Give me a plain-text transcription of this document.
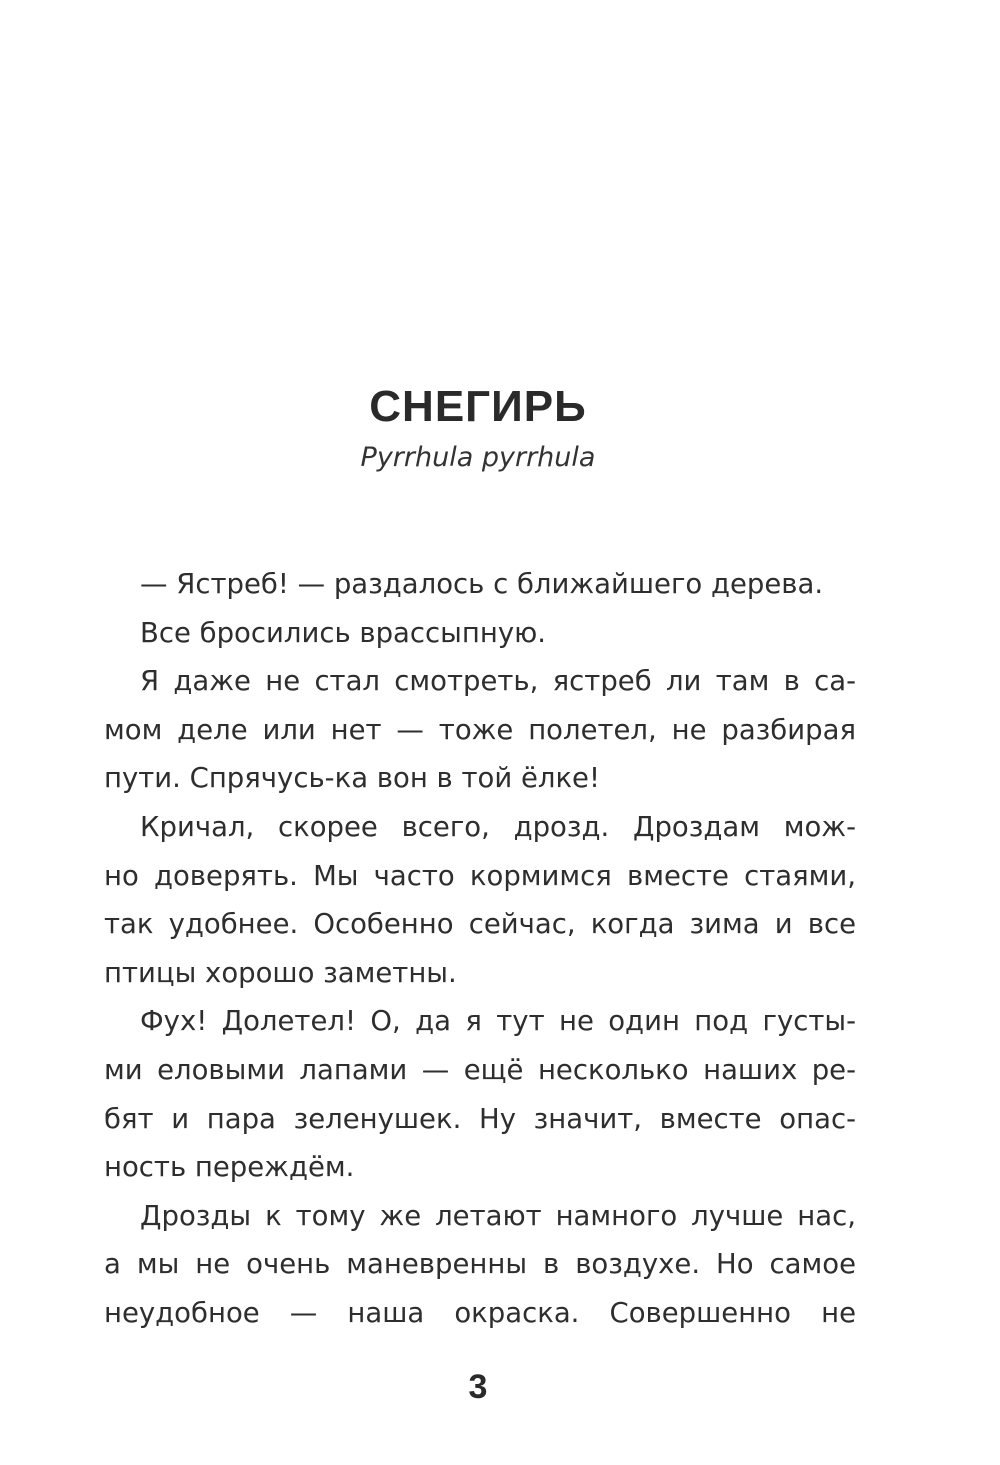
СНЕГИРЬ
Pyrrhula pyrrhula
— Ястреб! — раздалось с ближайшего дерева.
Все бросились врассыпную.
Я даже не стал смотреть, ястреб ли там в са-
мом деле или нет — тоже полетел, не разбирая
пути. Спрячусь-ка вон в той ёлке!
Кричал, скорее всего, дрозд. Дроздам мож-
но доверять. Мы часто кормимся вместе стаями,
так удобнее. Особенно сейчас, когда зима и все
птицы хорошо заметны.
Фух! Долетел! О, да я тут не один под густы-
ми еловыми лапами — ещё несколько наших ре-
бят и пара зеленушек. Ну значит, вместе опас-
ность переждём.
Дрозды к тому же летают намного лучше нас,
а мы не очень маневренны в воздухе. Но самое
неудобное — наша окраска. Совершенно не
3
